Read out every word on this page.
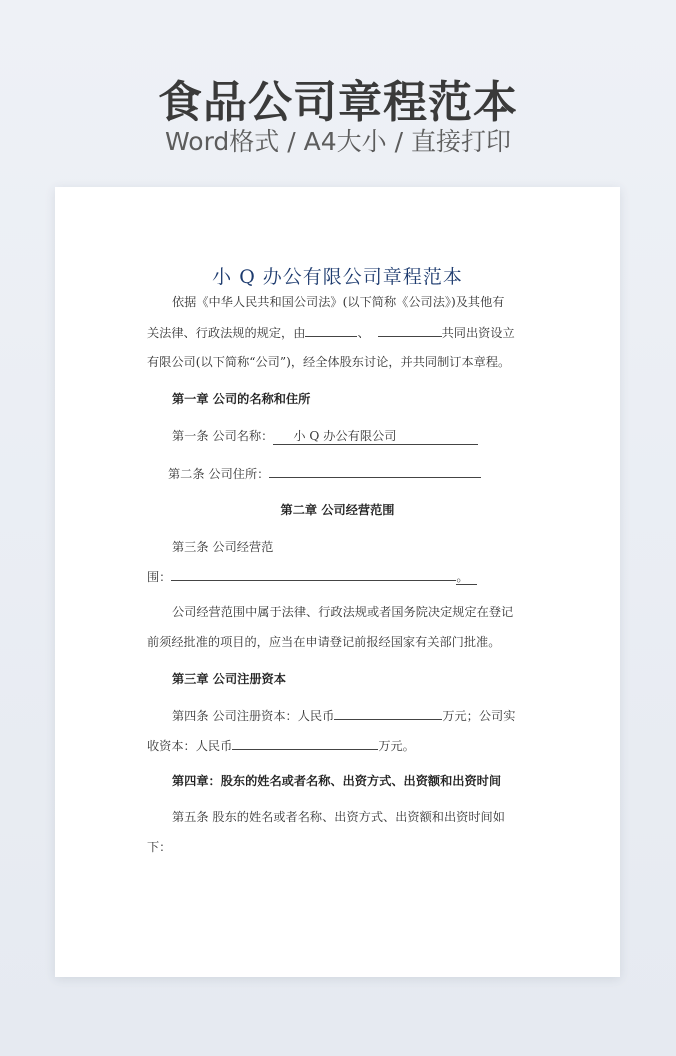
食品公司章程范本
Word格式 / A4大小 / 直接打印
小 Q 办公有限公司章程范本
依据《中华人民共和国公司法》(以下简称《公司法》)及其他有
关法律、行政法规的规定，由	、	共同出资设立
有限公司(以下简称“公司”)，经全体股东讨论，并共同制订本章程。
第一章 公司的名称和住所
第一条 公司名称： 小 Q 办公有限公司
第二条 公司住所：
第二章 公司经营范围
第三条 公司经营范
围：	。
公司经营范围中属于法律、行政法规或者国务院决定规定在登记
前须经批准的项目的，应当在申请登记前报经国家有关部门批准。
第三章 公司注册资本
第四条 公司注册资本：人民币	万元；公司实
收资本：人民币	万元。
第四章：股东的姓名或者名称、出资方式、出资额和出资时间
第五条 股东的姓名或者名称、出资方式、出资额和出资时间如
下：
